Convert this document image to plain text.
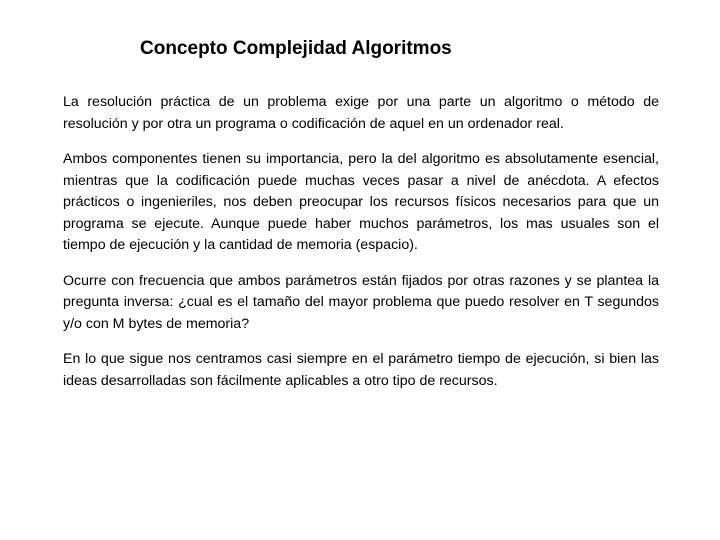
Concepto Complejidad Algoritmos

La resolución práctica de un problema exige por una parte un algoritmo o método de resolución y por otra un programa o codificación de aquel en un ordenador real.

Ambos componentes tienen su importancia, pero la del algoritmo es absolutamente esencial, mientras que la codificación puede muchas veces pasar a nivel de anécdota. A efectos prácticos o ingenieriles, nos deben preocupar los recursos físicos necesarios para que un programa se ejecute. Aunque puede haber muchos parámetros, los mas usuales son el tiempo de ejecución y la cantidad de memoria (espacio).

Ocurre con frecuencia que ambos parámetros están fijados por otras razones y se plantea la pregunta inversa: ¿cual es el tamaño del mayor problema que puedo resolver en T segundos y/o con M bytes de memoria?

En lo que sigue nos centramos casi siempre en el parámetro tiempo de ejecución, si bien las ideas desarrolladas son fácilmente aplicables a otro tipo de recursos.
